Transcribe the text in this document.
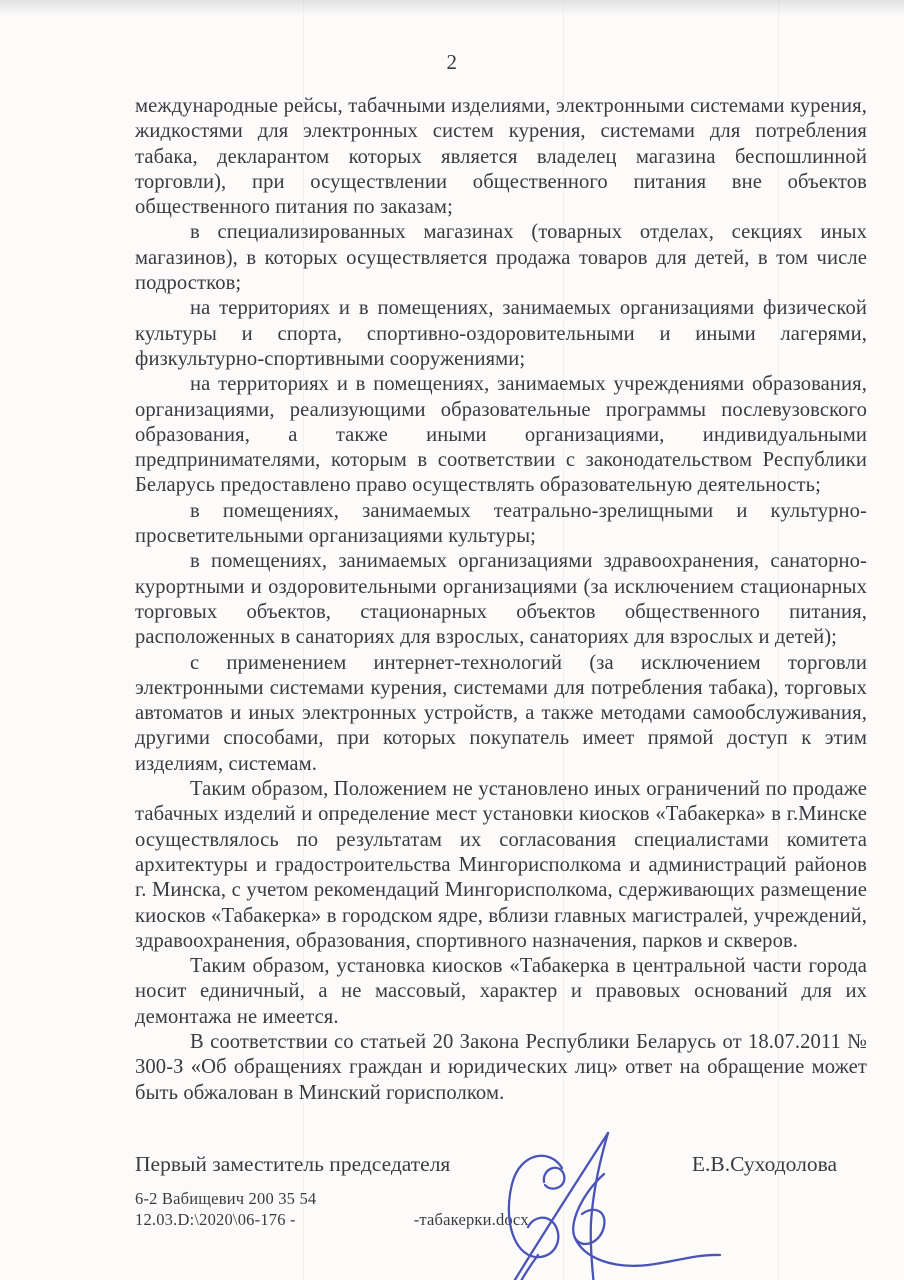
2

международные рейсы, табачными изделиями, электронными системами курения, жидкостями для электронных систем курения, системами для потребления табака, декларантом которых является владелец магазина беспошлинной торговли), при осуществлении общественного питания вне объектов общественного питания по заказам;

в специализированных магазинах (товарных отделах, секциях иных магазинов), в которых осуществляется продажа товаров для детей, в том числе подростков;

на территориях и в помещениях, занимаемых организациями физической культуры и спорта, спортивно-оздоровительными и иными лагерями, физкультурно-спортивными сооружениями;

на территориях и в помещениях, занимаемых учреждениями образования, организациями, реализующими образовательные программы послевузовского образования, а также иными организациями, индивидуальными предпринимателями, которым в соответствии с законодательством Республики Беларусь предоставлено право осуществлять образовательную деятельность;

в помещениях, занимаемых театрально-зрелищными и культурно-просветительными организациями культуры;

в помещениях, занимаемых организациями здравоохранения, санаторно-курортными и оздоровительными организациями (за исключением стационарных торговых объектов, стационарных объектов общественного питания, расположенных в санаториях для взрослых, санаториях для взрослых и детей);

с применением интернет-технологий (за исключением торговли электронными системами курения, системами для потребления табака), торговых автоматов и иных электронных устройств, а также методами самообслуживания, другими способами, при которых покупатель имеет прямой доступ к этим изделиям, системам.

Таким образом, Положением не установлено иных ограничений по продаже табачных изделий и определение мест установки киосков «Табакерка» в г.Минске осуществлялось по результатам их согласования специалистами комитета архитектуры и градостроительства Мингорисполкома и администраций районов г. Минска, с учетом рекомендаций Мингорисполкома, сдерживающих размещение киосков «Табакерка» в городском ядре, вблизи главных магистралей, учреждений, здравоохранения, образования, спортивного назначения, парков и скверов.

Таким образом, установка киосков «Табакерка в центральной части города носит единичный, а не массовый, характер и правовых оснований для их демонтажа не имеется.

В соответствии со статьей 20 Закона Республики Беларусь от 18.07.2011 № 300-З «Об обращениях граждан и юридических лиц» ответ на обращение может быть обжалован в Минский горисполком.

Первый заместитель председателя	Е.В.Суходолова
6-2 Вабищевич 200 35 54
12.03.D:\2020\06-176 -	-табакерки.docx
